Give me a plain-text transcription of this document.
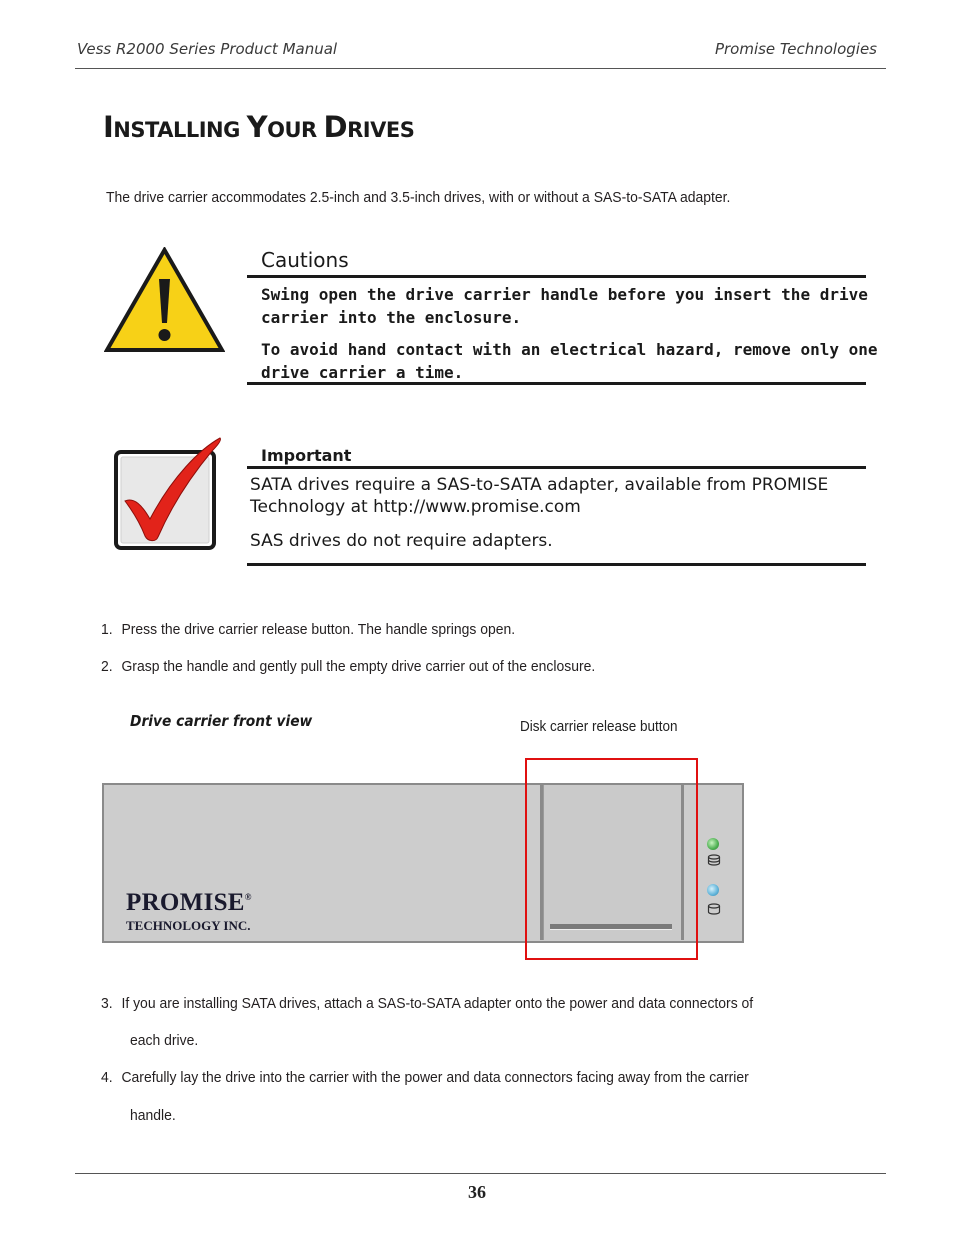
Vess R2000 Series Product Manual	Promise Technologies
INSTALLING YOUR DRIVES
The drive carrier accommodates 2.5-inch and 3.5-inch drives, with or without a SAS-to-SATA adapter.
Cautions
Swing open the drive carrier handle before you insert the drive
carrier into the enclosure.
To avoid hand contact with an electrical hazard, remove only one
drive carrier a time.
Important
SATA drives require a SAS-to-SATA adapter, available from PROMISE
Technology at http://www.promise.com
SAS drives do not require adapters.
1. Press the drive carrier release button. The handle springs open.
2. Grasp the handle and gently pull the empty drive carrier out of the enclosure.
Drive carrier front view	Disk carrier release button
PROMISE®
TECHNOLOGY INC.
3. If you are installing SATA drives, attach a SAS-to-SATA adapter onto the power and data connectors of
each drive.
4. Carefully lay the drive into the carrier with the power and data connectors facing away from the carrier
handle.
36
